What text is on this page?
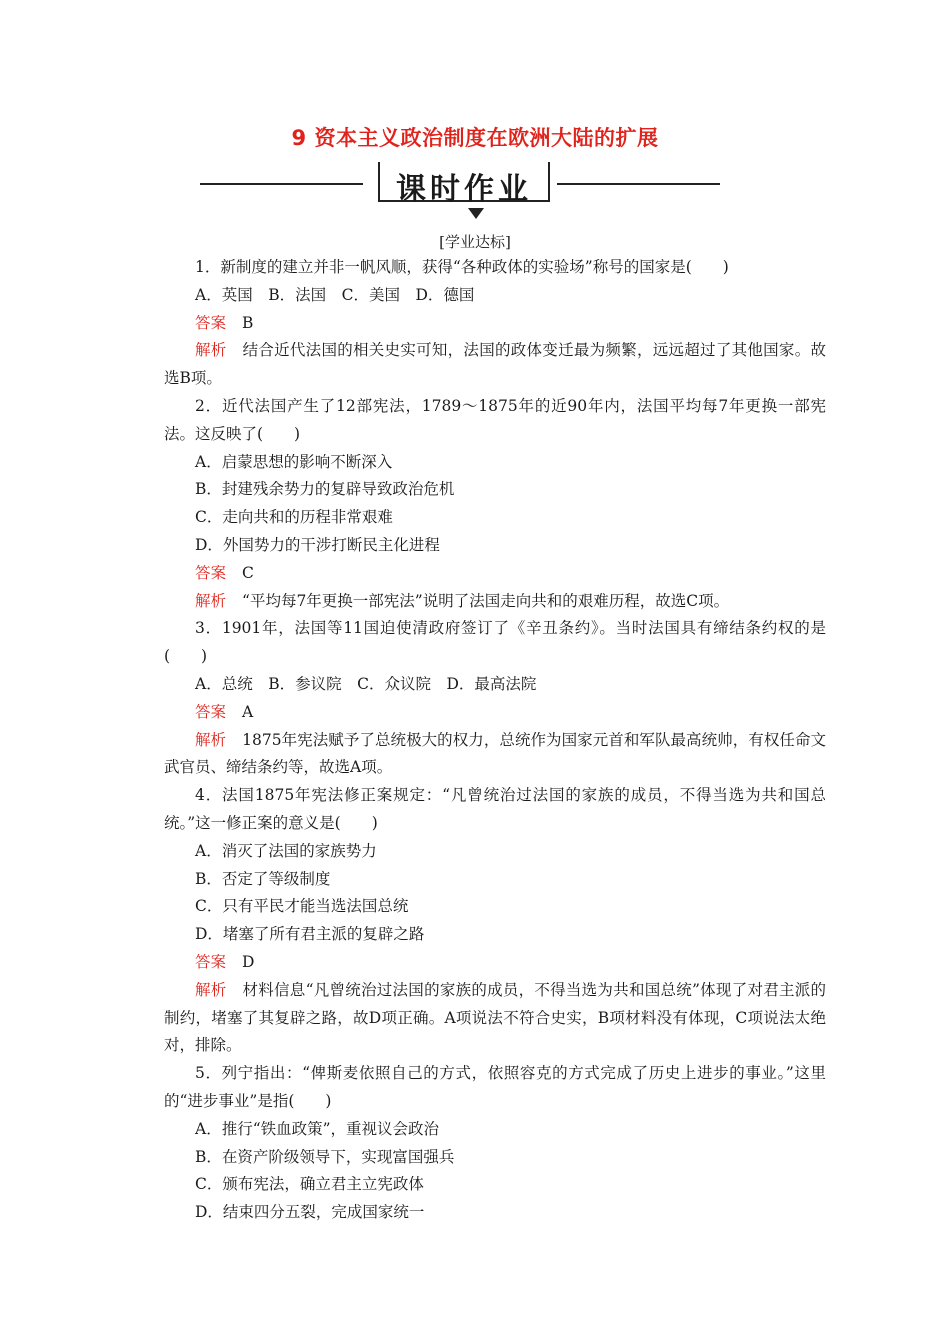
9 资本主义政治制度在欧洲大陆的扩展
课时作业
[学业达标]

1．新制度的建立并非一帆风顺，获得“各种政体的实验场”称号的国家是(　　)

A．英国　B．法国　C．美国　D．德国

答案 B

解析 结合近代法国的相关史实可知，法国的政体变迁最为频繁，远远超过了其他国家。故选B项。

2．近代法国产生了12部宪法，1789～1875年的近90年内，法国平均每7年更换一部宪法。这反映了(　　)

A．启蒙思想的影响不断深入

B．封建残余势力的复辟导致政治危机

C．走向共和的历程非常艰难

D．外国势力的干涉打断民主化进程

答案 C

解析 “平均每7年更换一部宪法”说明了法国走向共和的艰难历程，故选C项。

3．1901年，法国等11国迫使清政府签订了《辛丑条约》。当时法国具有缔结条约权的是(　　)

A．总统　B．参议院　C．众议院　D．最高法院

答案 A

解析 1875年宪法赋予了总统极大的权力，总统作为国家元首和军队最高统帅，有权任命文武官员、缔结条约等，故选A项。

4．法国1875年宪法修正案规定：“凡曾统治过法国的家族的成员，不得当选为共和国总统。”这一修正案的意义是(　　)

A．消灭了法国的家族势力

B．否定了等级制度

C．只有平民才能当选法国总统

D．堵塞了所有君主派的复辟之路

答案 D

解析 材料信息“凡曾统治过法国的家族的成员，不得当选为共和国总统”体现了对君主派的制约，堵塞了其复辟之路，故D项正确。A项说法不符合史实，B项材料没有体现，C项说法太绝对，排除。

5．列宁指出：“俾斯麦依照自己的方式，依照容克的方式完成了历史上进步的事业。”这里的“进步事业”是指(　　)

A．推行“铁血政策”，重视议会政治

B．在资产阶级领导下，实现富国强兵

C．颁布宪法，确立君主立宪政体

D．结束四分五裂，完成国家统一
